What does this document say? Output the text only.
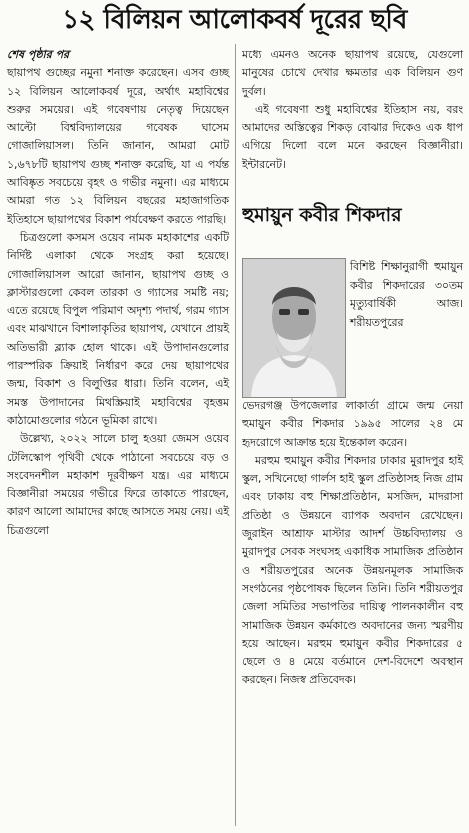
১২ বিলিয়ন আলোকবর্ষ দূরের ছবি

শেষ পৃষ্ঠার পর

ছায়াপথ গুচ্ছের নমুনা শনাক্ত করেছেন। এসব গুচ্ছ ১২ বিলিয়ন আলোকবর্ষ দূরে, অর্থাৎ মহাবিশ্বের শুরুর সময়ের। এই গবেষণায় নেতৃত্ব দিয়েছেন আল্টো বিশ্ববিদ্যালয়ের গবেষক ঘাসেম গোজালিয়াসল। তিনি জানান, আমরা মোট ১,৬৭৮টি ছায়াপথ গুচ্ছ শনাক্ত করেছি, যা এ পর্যন্ত আবিষ্কৃত সবচেয়ে বৃহৎ ও গভীর নমুনা। এর মাধ্যমে আমরা গত ১২ বিলিয়ন বছরের মহাজাগতিক ইতিহাসে ছায়াপথের বিকাশ পর্যবেক্ষণ করতে পারছি।

চিত্রগুলো কসমস ওয়েব নামক মহাকাশের একটি নির্দিষ্ট এলাকা থেকে সংগ্রহ করা হয়েছে। গোজালিয়াসল আরো জানান, ছায়াপথ গুচ্ছ ও ক্লাস্টারগুলো কেবল তারকা ও গ্যাসের সমষ্টি নয়; এতে রয়েছে বিপুল পরিমাণ অদৃশ্য পদার্থ, গরম গ্যাস এবং মাঝখানে বিশালাকৃতির ছায়াপথ, যেখানে প্রায়ই অতিভারী ব্ল্যাক হোল থাকে। এই উপাদানগুলোর পারস্পরিক ক্রিয়াই নির্ধারণ করে দেয় ছায়াপথের জন্ম, বিকাশ ও বিলুপ্তির ধারা। তিনি বলেন, এই সমস্ত উপাদানের মিথস্ক্রিয়াই মহাবিশ্বের বৃহত্তম কাঠামোগুলোর গঠনে ভূমিকা রাখে।

উল্লেখ্য, ২০২২ সালে চালু হওয়া জেমস ওয়েব টেলিস্কোপ পৃথিবী থেকে পাঠানো সবচেয়ে বড় ও সংবেদনশীল মহাকাশ দূরবীক্ষণ যন্ত্র। এর মাধ্যমে বিজ্ঞানীরা সময়ের গভীরে ফিরে তাকাতে পারছেন, কারণ আলো আমাদের কাছে আসতে সময় নেয়। এই চিত্রগুলো

মধ্যে এমনও অনেক ছায়াপথ রয়েছে, যেগুলো মানুষের চোখে দেখার ক্ষমতার এক বিলিয়ন গুণ দুর্বল।

এই গবেষণা শুধু মহাবিশ্বের ইতিহাস নয়, বরং আমাদের অস্তিত্বের শিকড় বোঝার দিকেও এক ধাপ এগিয়ে দিলো বলে মনে করছেন বিজ্ঞানীরা। ইন্টারনেট।

হুমায়ুন কবীর শিকদার

বিশিষ্ট শিক্ষানুরাগী হুমায়ুন কবীর শিকদারের ৩০তম মৃত্যুবার্ষিকী আজ। শরীয়তপুরের

ভেদরগঞ্জ উপজেলার লাকার্তা গ্রামে জন্ম নেয়া হুমায়ুন কবীর শিকদার ১৯৯৫ সালের ২৪ মে হৃদরোগে আক্রান্ত হয়ে ইন্তেকাল করেন।

মরহুম হুমায়ুন কবীর শিকদার ঢাকার মুরাদপুর হাই স্কুল, সখিনেছো গার্লস হাই স্কুল প্রতিষ্ঠাসহ নিজ গ্রাম এবং ঢাকায় বহু শিক্ষাপ্রতিষ্ঠান, মসজিদ, মাদরাসা প্রতিষ্ঠা ও উন্নয়নে ব্যাপক অবদান রেখেছেন। জুরাইন আশ্রাফ মাস্টার আদর্শ উচ্চবিদ্যালয় ও মুরাদপুর সেবক সংঘসহ একাধিক সামাজিক প্রতিষ্ঠান ও শরীয়তপুরের অনেক উন্নয়নমূলক সামাজিক সংগঠনের পৃষ্ঠপোষক ছিলেন তিনি। তিনি শরীয়তপুর জেলা সমিতির সভাপতির দায়িত্ব পালনকালীন বহু সামাজিক উন্নয়ন কর্মকাণ্ডে অবদানের জন্য স্মরণীয় হয়ে আছেন। মরহুম হুমায়ুন কবীর শিকদারের ৫ ছেলে ও ৪ মেয়ে বর্তমানে দেশ-বিদেশে অবস্থান করছেন। নিজস্ব প্রতিবেদক।
